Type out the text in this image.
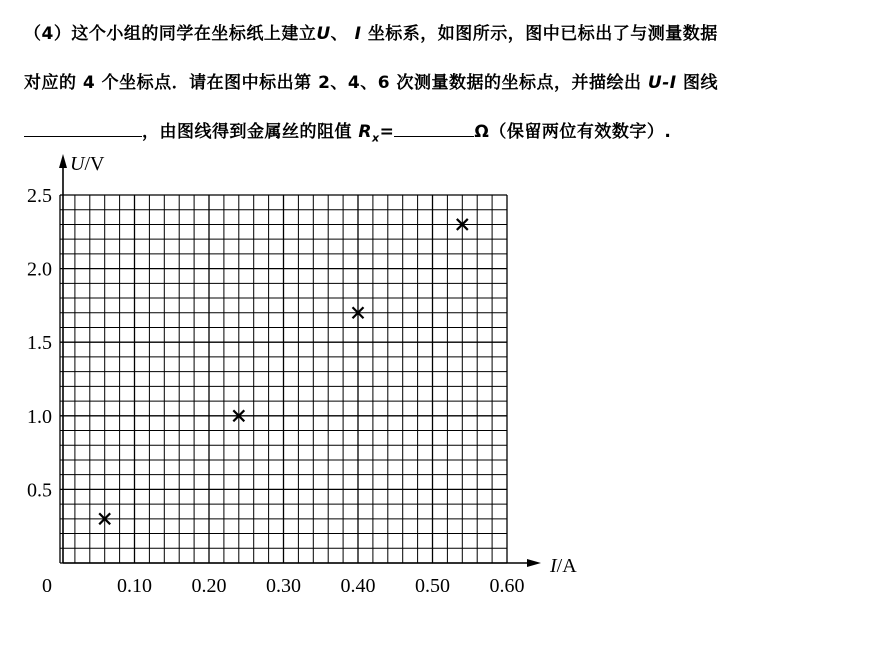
（4）这个小组的同学在坐标纸上建立U、 I 坐标系，如图所示，图中已标出了与测量数据
对应的 4 个坐标点．请在图中标出第 2、4、6 次测量数据的坐标点，并描绘出 U-I 图线
，由图线得到金属丝的阻值 $R_x=$	Ω（保留两位有效数字）.
0.10 0.20 0.30 0.40 0.50 0.60
0.5
1.0
1.5
2.0
2.5
U/V
I/A
0
